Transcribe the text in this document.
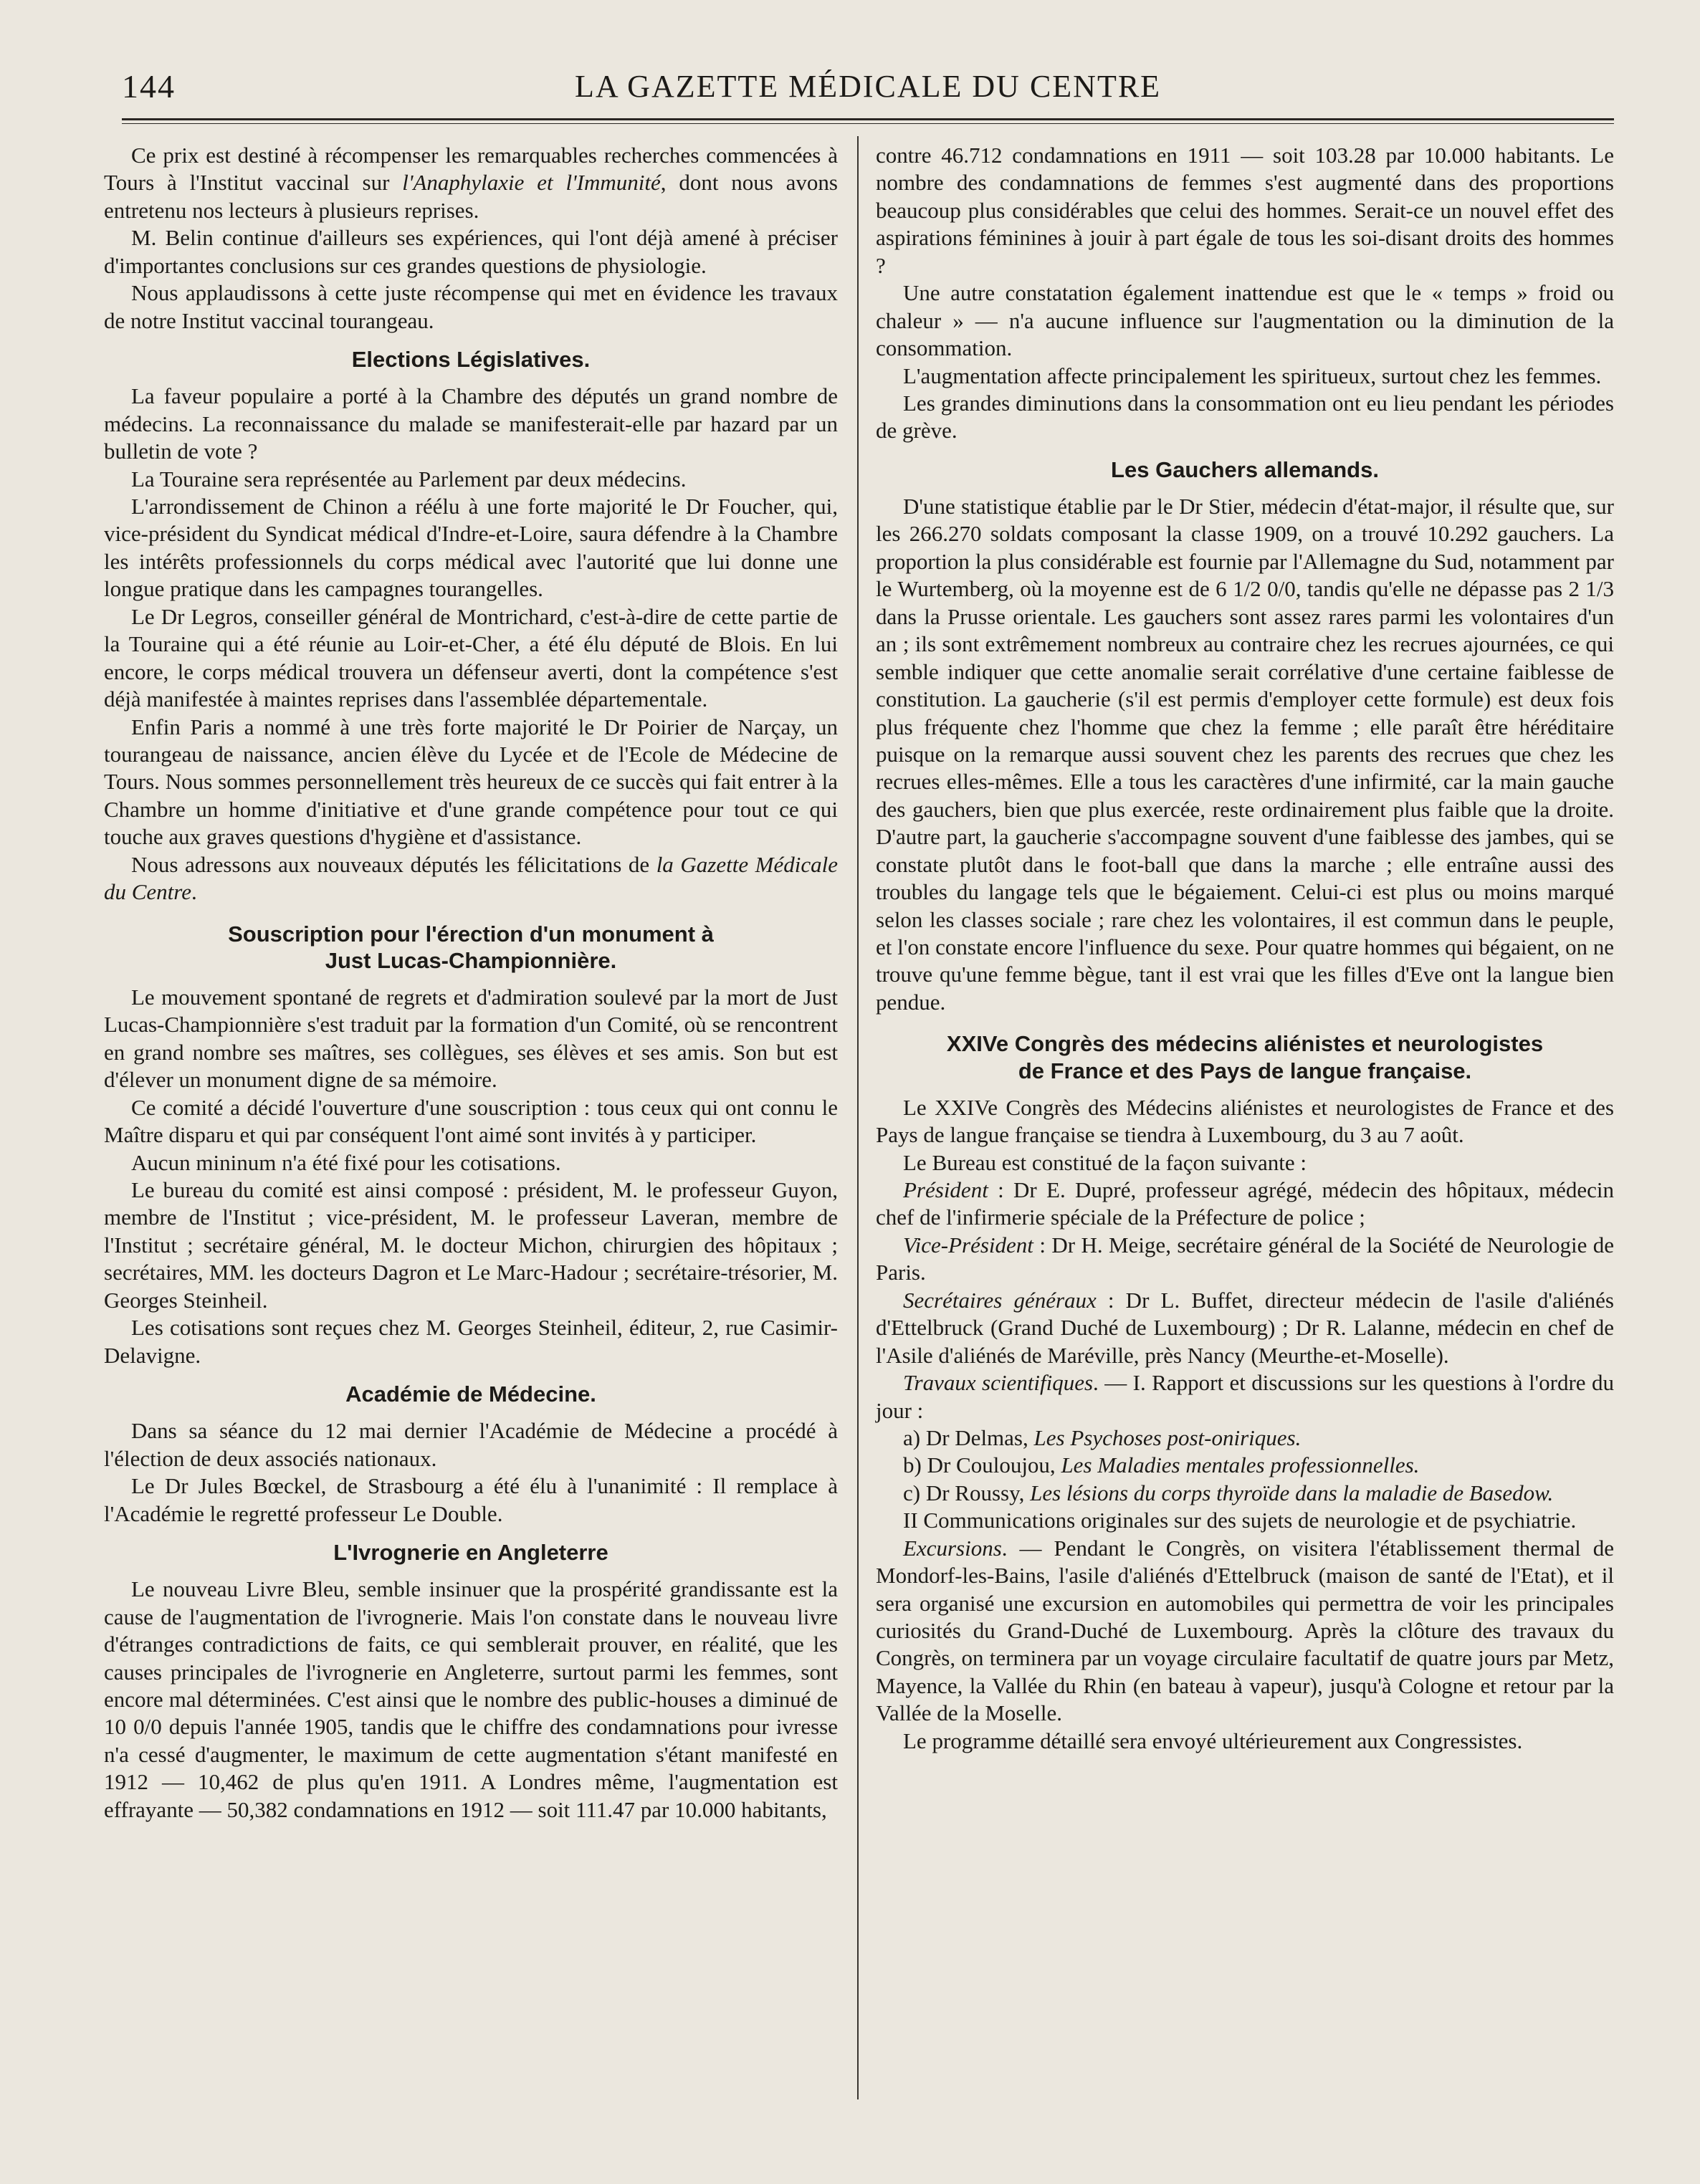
144	LA GAZETTE MÉDICALE DU CENTRE

Ce prix est destiné à récompenser les remarquables recherches commencées à Tours à l'Institut vaccinal sur l'Anaphylaxie et l'Immunité, dont nous avons entretenu nos lecteurs à plusieurs reprises.

M. Belin continue d'ailleurs ses expériences, qui l'ont déjà amené à préciser d'importantes conclusions sur ces grandes questions de physiologie.

Nous applaudissons à cette juste récompense qui met en évidence les travaux de notre Institut vaccinal tourangeau.

Elections Législatives.

La faveur populaire a porté à la Chambre des députés un grand nombre de médecins. La reconnaissance du malade se manifesterait-elle par hazard par un bulletin de vote ?

La Touraine sera représentée au Parlement par deux médecins.

L'arrondissement de Chinon a réélu à une forte majorité le Dr Foucher, qui, vice-président du Syndicat médical d'Indre-et-Loire, saura défendre à la Chambre les intérêts professionnels du corps médical avec l'autorité que lui donne une longue pratique dans les campagnes tourangelles.

Le Dr Legros, conseiller général de Montrichard, c'est-à-dire de cette partie de la Touraine qui a été réunie au Loir-et-Cher, a été élu député de Blois. En lui encore, le corps médical trouvera un défenseur averti, dont la compétence s'est déjà manifestée à maintes reprises dans l'assemblée départementale.

Enfin Paris a nommé à une très forte majorité le Dr Poirier de Narçay, un tourangeau de naissance, ancien élève du Lycée et de l'Ecole de Médecine de Tours. Nous sommes personnellement très heureux de ce succès qui fait entrer à la Chambre un homme d'initiative et d'une grande compétence pour tout ce qui touche aux graves questions d'hygiène et d'assistance.

Nous adressons aux nouveaux députés les félicitations de la Gazette Médicale du Centre.

Souscription pour l'érection d'un monument à
Just Lucas-Championnière.

Le mouvement spontané de regrets et d'admiration soulevé par la mort de Just Lucas-Championnière s'est traduit par la formation d'un Comité, où se rencontrent en grand nombre ses maîtres, ses collègues, ses élèves et ses amis. Son but est d'élever un monument digne de sa mémoire.

Ce comité a décidé l'ouverture d'une souscription : tous ceux qui ont connu le Maître disparu et qui par conséquent l'ont aimé sont invités à y participer.

Aucun mininum n'a été fixé pour les cotisations.

Le bureau du comité est ainsi composé : président, M. le professeur Guyon, membre de l'Institut ; vice-président, M. le professeur Laveran, membre de l'Institut ; secrétaire général, M. le docteur Michon, chirurgien des hôpitaux ; secrétaires, MM. les docteurs Dagron et Le Marc-Hadour ; secrétaire-trésorier, M. Georges Steinheil.

Les cotisations sont reçues chez M. Georges Steinheil, éditeur, 2, rue Casimir-Delavigne.

Académie de Médecine.

Dans sa séance du 12 mai dernier l'Académie de Médecine a procédé à l'élection de deux associés nationaux.

Le Dr Jules Bœckel, de Strasbourg a été élu à l'unanimité : Il remplace à l'Académie le regretté professeur Le Double.

L'Ivrognerie en Angleterre

Le nouveau Livre Bleu, semble insinuer que la prospérité grandissante est la cause de l'augmentation de l'ivrognerie. Mais l'on constate dans le nouveau livre d'étranges contradictions de faits, ce qui semblerait prouver, en réalité, que les causes principales de l'ivrognerie en Angleterre, surtout parmi les femmes, sont encore mal déterminées. C'est ainsi que le nombre des public-houses a diminué de 10 0/0 depuis l'année 1905, tandis que le chiffre des condamnations pour ivresse n'a cessé d'augmenter, le maximum de cette augmentation s'étant manifesté en 1912 — 10,462 de plus qu'en 1911. A Londres même, l'augmentation est effrayante — 50,382 condamnations en 1912 — soit 111.47 par 10.000 habitants,

contre 46.712 condamnations en 1911 — soit 103.28 par 10.000 habitants. Le nombre des condamnations de femmes s'est augmenté dans des proportions beaucoup plus considérables que celui des hommes. Serait-ce un nouvel effet des aspirations féminines à jouir à part égale de tous les soi-disant droits des hommes ?

Une autre constatation également inattendue est que le « temps » froid ou chaleur » — n'a aucune influence sur l'augmentation ou la diminution de la consommation.

L'augmentation affecte principalement les spiritueux, surtout chez les femmes.

Les grandes diminutions dans la consommation ont eu lieu pendant les périodes de grève.

Les Gauchers allemands.

D'une statistique établie par le Dr Stier, médecin d'état-major, il résulte que, sur les 266.270 soldats composant la classe 1909, on a trouvé 10.292 gauchers. La proportion la plus considérable est fournie par l'Allemagne du Sud, notamment par le Wurtemberg, où la moyenne est de 6 1/2 0/0, tandis qu'elle ne dépasse pas 2 1/3 dans la Prusse orientale. Les gauchers sont assez rares parmi les volontaires d'un an ; ils sont extrêmement nombreux au contraire chez les recrues ajournées, ce qui semble indiquer que cette anomalie serait corrélative d'une certaine faiblesse de constitution. La gaucherie (s'il est permis d'employer cette formule) est deux fois plus fréquente chez l'homme que chez la femme ; elle paraît être héréditaire puisque on la remarque aussi souvent chez les parents des recrues que chez les recrues elles-mêmes. Elle a tous les caractères d'une infirmité, car la main gauche des gauchers, bien que plus exercée, reste ordinairement plus faible que la droite. D'autre part, la gaucherie s'accompagne souvent d'une faiblesse des jambes, qui se constate plutôt dans le foot-ball que dans la marche ; elle entraîne aussi des troubles du langage tels que le bégaiement. Celui-ci est plus ou moins marqué selon les classes sociale ; rare chez les volontaires, il est commun dans le peuple, et l'on constate encore l'influence du sexe. Pour quatre hommes qui bégaient, on ne trouve qu'une femme bègue, tant il est vrai que les filles d'Eve ont la langue bien pendue.

XXIVe Congrès des médecins aliénistes et neurologistes
de France et des Pays de langue française.

Le XXIVe Congrès des Médecins aliénistes et neurologistes de France et des Pays de langue française se tiendra à Luxembourg, du 3 au 7 août.

Le Bureau est constitué de la façon suivante :

Président : Dr E. Dupré, professeur agrégé, médecin des hôpitaux, médecin chef de l'infirmerie spéciale de la Préfecture de police ;

Vice-Président : Dr H. Meige, secrétaire général de la Société de Neurologie de Paris.

Secrétaires généraux : Dr L. Buffet, directeur médecin de l'asile d'aliénés d'Ettelbruck (Grand Duché de Luxembourg) ; Dr R. Lalanne, médecin en chef de l'Asile d'aliénés de Maréville, près Nancy (Meurthe-et-Moselle).

Travaux scientifiques. — I. Rapport et discussions sur les questions à l'ordre du jour :

a) Dr Delmas, Les Psychoses post-oniriques.

b) Dr Couloujou, Les Maladies mentales professionnelles.

c) Dr Roussy, Les lésions du corps thyroïde dans la maladie de Basedow.

II Communications originales sur des sujets de neurologie et de psychiatrie.

Excursions. — Pendant le Congrès, on visitera l'établissement thermal de Mondorf-les-Bains, l'asile d'aliénés d'Ettelbruck (maison de santé de l'Etat), et il sera organisé une excursion en automobiles qui permettra de voir les principales curiosités du Grand-Duché de Luxembourg. Après la clôture des travaux du Congrès, on terminera par un voyage circulaire facultatif de quatre jours par Metz, Mayence, la Vallée du Rhin (en bateau à vapeur), jusqu'à Cologne et retour par la Vallée de la Moselle.

Le programme détaillé sera envoyé ultérieurement aux Congressistes.
